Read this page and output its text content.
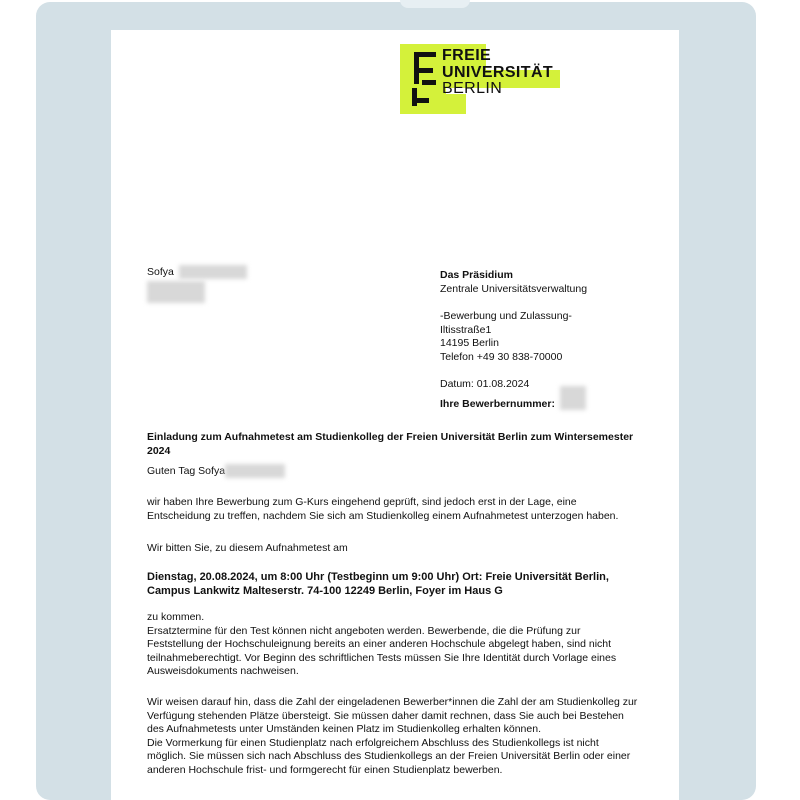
FREIE
UNIVERSITÄT
BERLIN
Sofya	Das Präsidium
Zentrale Universitätsverwaltung
-Bewerbung und Zulassung-
Iltisstraße1
14195 Berlin
Telefon +49 30 838-70000
Datum: 01.08.2024
Ihre Bewerbernummer:
Einladung zum Aufnahmetest am Studienkolleg der Freien Universität Berlin zum Wintersemester 2024
Guten Tag Sofya
wir haben Ihre Bewerbung zum G-Kurs eingehend geprüft, sind jedoch erst in der Lage, eine Entscheidung zu treffen, nachdem Sie sich am Studienkolleg einem Aufnahmetest unterzogen haben.
Wir bitten Sie, zu diesem Aufnahmetest am
Dienstag, 20.08.2024, um 8:00 Uhr (Testbeginn um 9:00 Uhr) Ort: Freie Universität Berlin, Campus Lankwitz Malteserstr. 74-100 12249 Berlin, Foyer im Haus G

zu kommen.

Ersatztermine für den Test können nicht angeboten werden. Bewerbende, die die Prüfung zur Feststellung der Hochschuleignung bereits an einer anderen Hochschule abgelegt haben, sind nicht teilnahmeberechtigt. Vor Beginn des schriftlichen Tests müssen Sie Ihre Identität durch Vorlage eines Ausweisdokuments nachweisen.

Wir weisen darauf hin, dass die Zahl der eingeladenen Bewerber*innen die Zahl der am Studienkolleg zur Verfügung stehenden Plätze übersteigt. Sie müssen daher damit rechnen, dass Sie auch bei Bestehen des Aufnahmetests unter Umständen keinen Platz im Studienkolleg erhalten können.

Die Vormerkung für einen Studienplatz nach erfolgreichem Abschluss des Studienkollegs ist nicht möglich. Sie müssen sich nach Abschluss des Studienkollegs an der Freien Universität Berlin oder einer anderen Hochschule frist- und formgerecht für einen Studienplatz bewerben.
